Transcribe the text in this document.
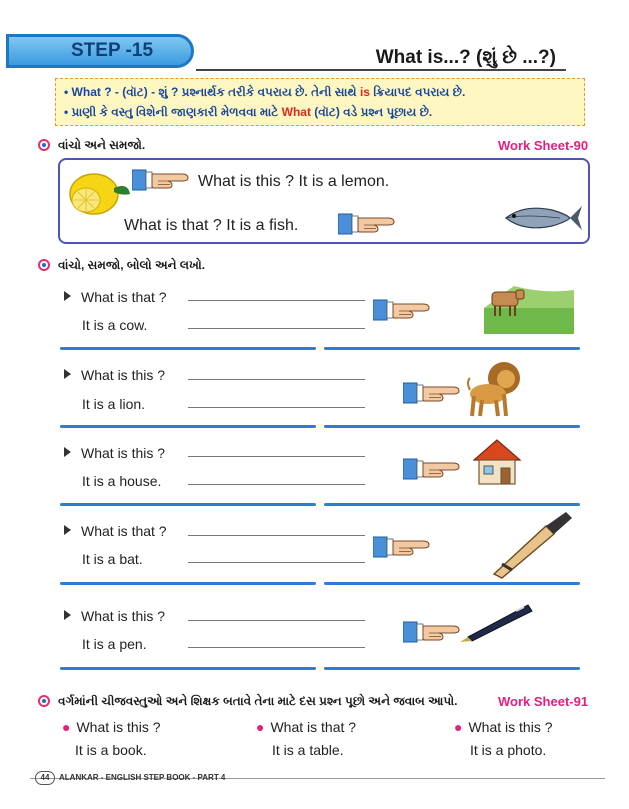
STEP -15	What is...? (શું છે ...?)

• What ? - (વૉટ) - શું ? પ્રશ્નાર્થક તરીકે વપરાય છે. તેની સાથે is ક્રિયાપદ વપરાય છે.

• પ્રાણી કે વસ્તુ વિશેની જાણકારી મેળવવા માટે What (વૉટ) વડે પ્રશ્ન પૂછાય છે.

વાંચો અને સમજો.	Work Sheet-90
What is this ? It is a lemon.
What is that ? It is a fish.
વાંચો, સમજો, બોલો અને લખો.
What is that ?
It is a cow.
What is this ?
It is a lion.
What is this ?
It is a house.
What is that ?
It is a bat.
What is this ?
It is a pen.
વર્ગમાંની ચીજવસ્તુઓ અને શિક્ષક બતાવે તેના માટે દસ પ્રશ્ન પૂછો અને જવાબ આપો.	Work Sheet-91
● What is this ?
It is a book.
● What is that ?
It is a table.
● What is this ?
It is a photo.
44 ALANKAR - ENGLISH STEP BOOK - PART 4
